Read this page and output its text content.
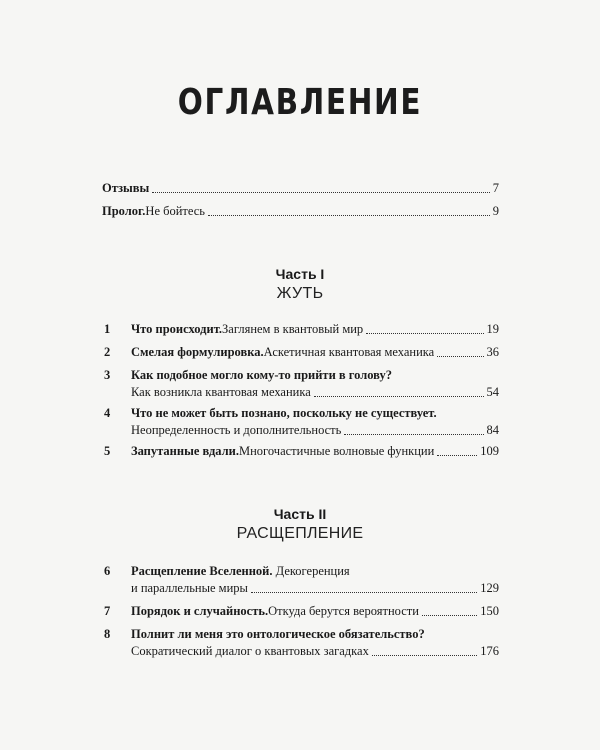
ОГЛАВЛЕНИЕ
Отзывы	7
Пролог. Не бойтесь	9
Часть I
ЖУТЬ
1	Что происходит. Заглянем в квантовый мир	19
2	Смелая формулировка. Аскетичная квантовая механика	36
3	Как подобное могло кому-то прийти в голову?
Как возникла квантовая механика	54
4	Что не может быть познано, поскольку не существует.
Неопределенность и дополнительность	84
5	Запутанные вдали. Многочастичные волновые функции	109
Часть II
РАСЩЕПЛЕНИЕ
6	Расщепление Вселенной. Декогеренция
и параллельные миры	129
7	Порядок и случайность. Откуда берутся вероятности	150
8	Полнит ли меня это онтологическое обязательство?
Сократический диалог о квантовых загадках	176
